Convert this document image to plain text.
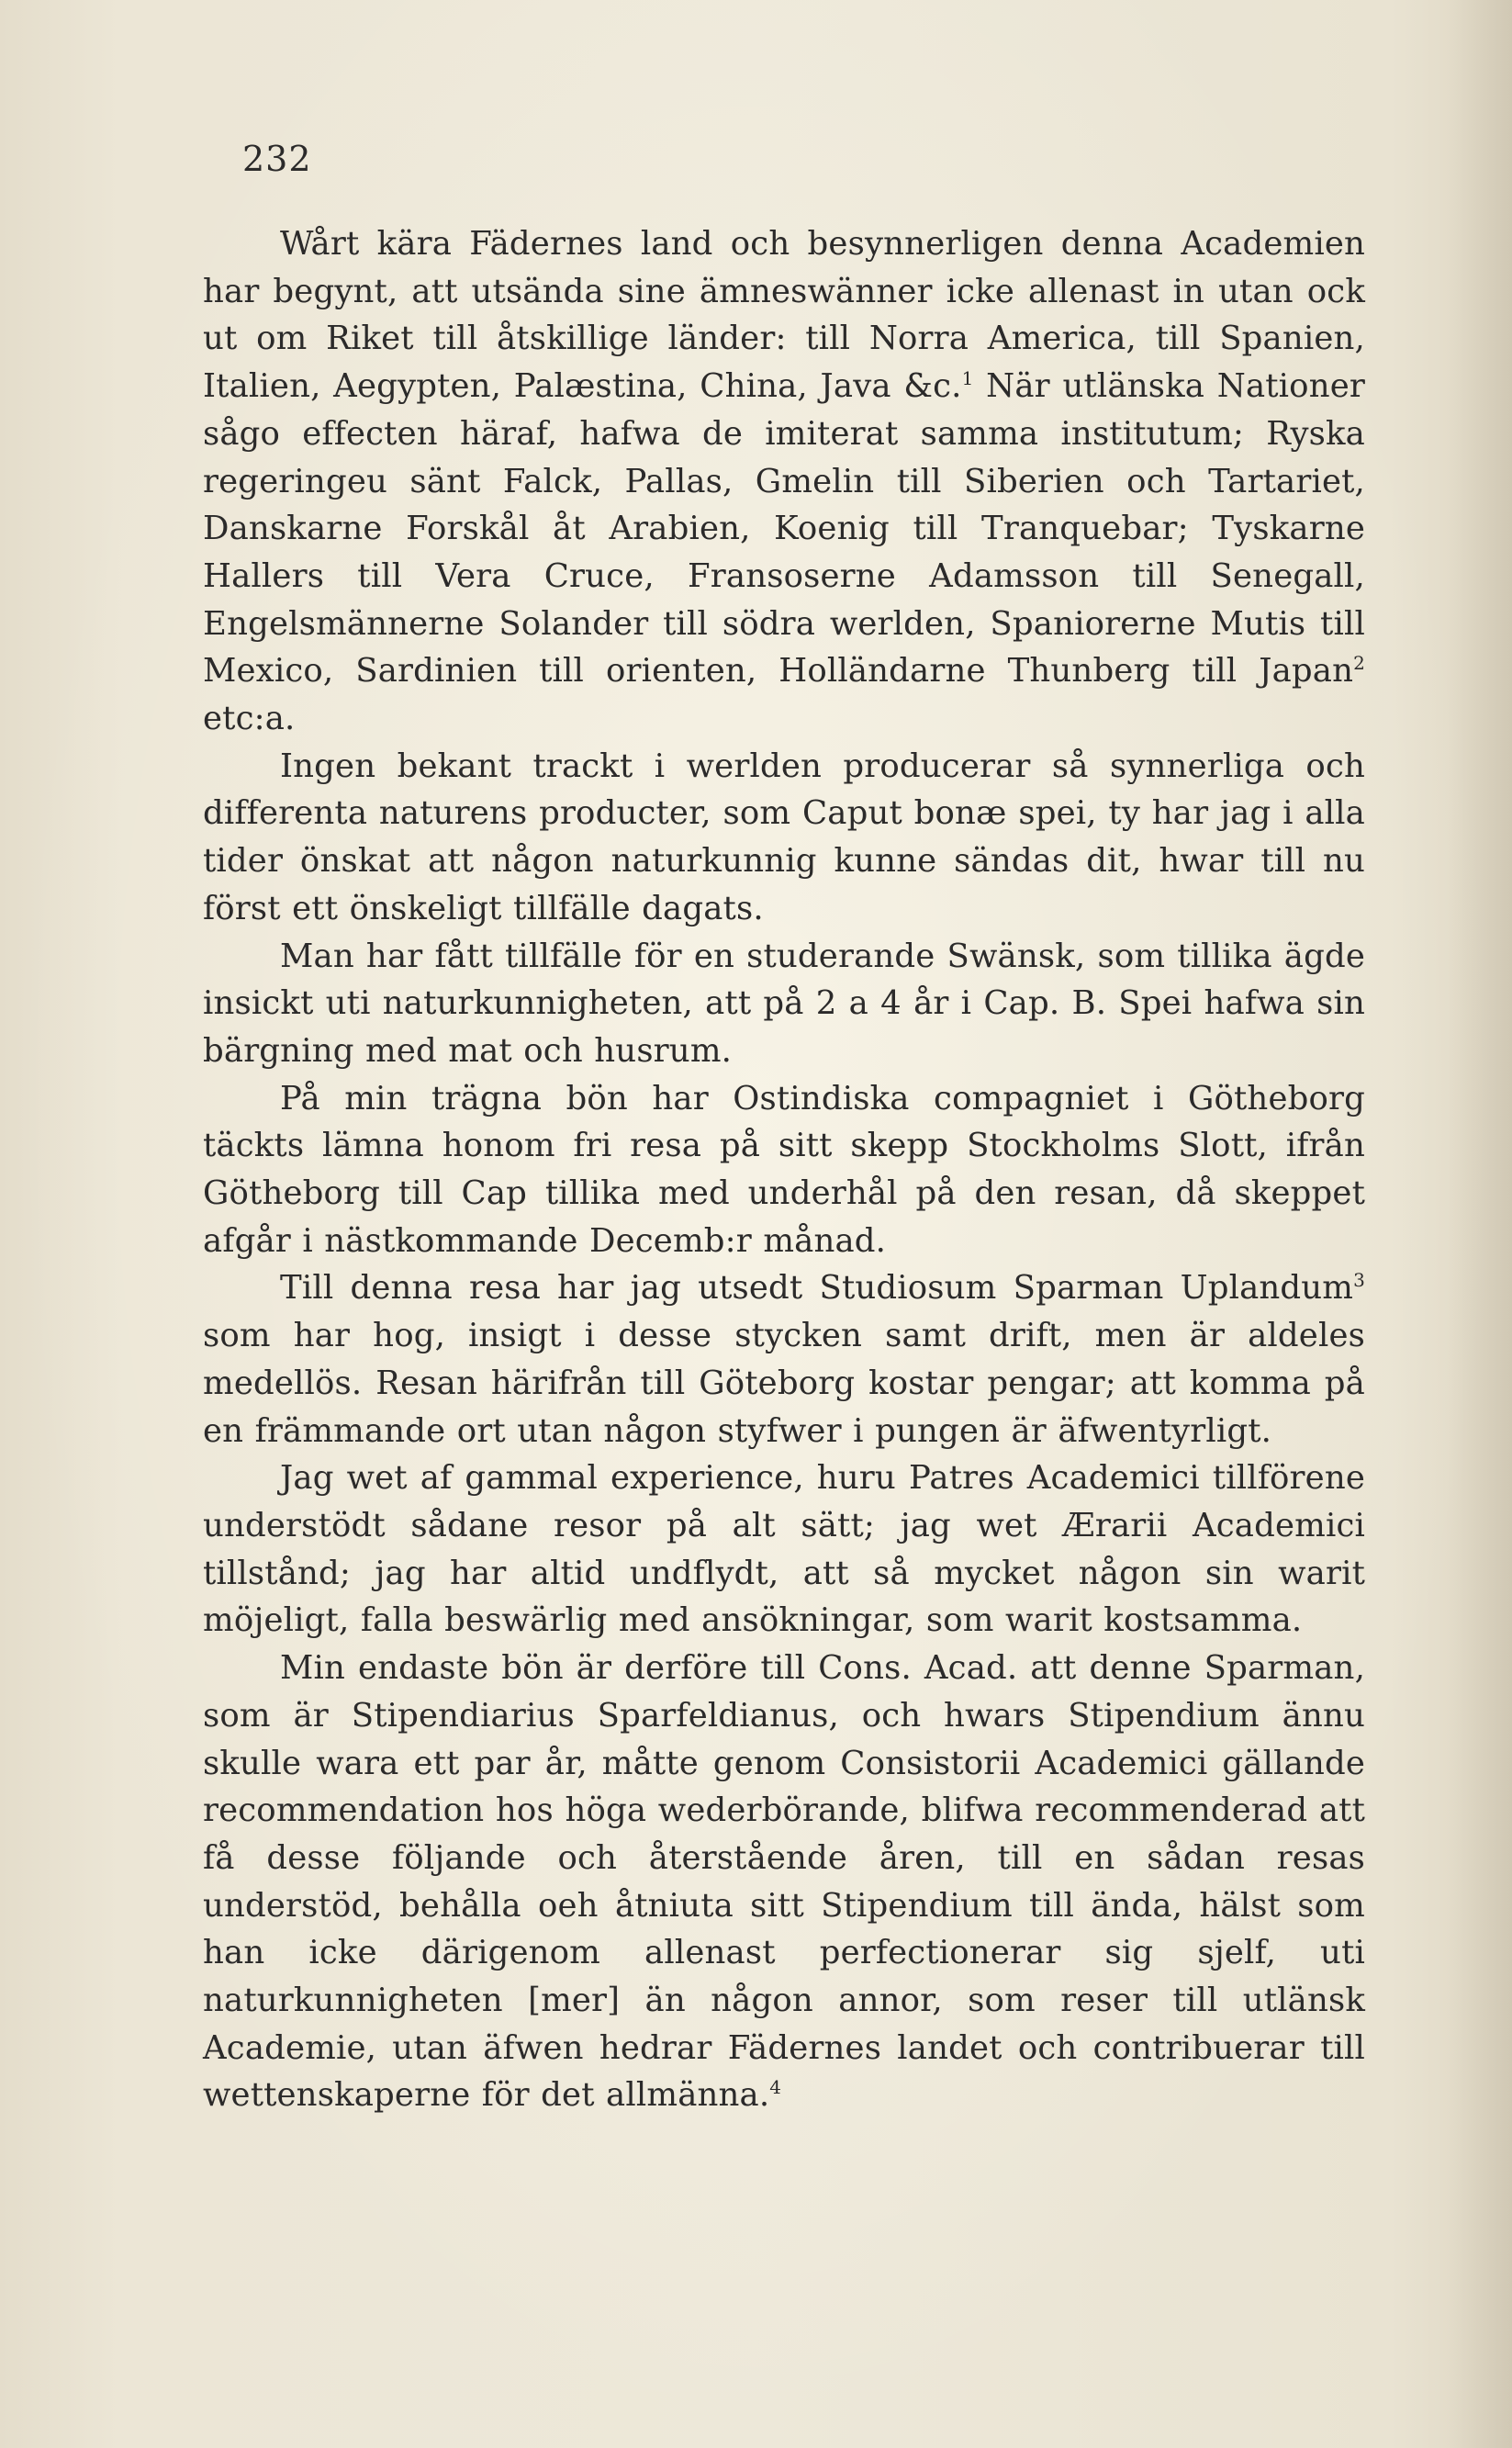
232

Wårt kära Fädernes land och besynnerligen denna Academien har begynt, att utsända sine ämneswänner icke allenast in utan ock ut om Riket till åtskillige länder: till Norra America, till Spanien, Italien, Aegypten, Palæstina, China, Java &c.$^1$ När utlänska Nationer sågo effecten häraf, hafwa de imiterat samma institutum; Ryska regeringeu sänt Falck, Pallas, Gmelin till Siberien och Tartariet, Danskarne Forskål åt Arabien, Koenig till Tranquebar; Tyskarne Hallers till Vera Cruce, Fransoserne Adamsson till Senegall, Engelsmännerne Solander till södra werlden, Spaniorerne Mutis till Mexico, Sardinien till orienten, Holländarne Thunberg till Japan$^2$ etc:a.

Ingen bekant trackt i werlden producerar så synnerliga och differenta naturens producter, som Caput bonæ spei, ty har jag i alla tider önskat att någon naturkunnig kunne sändas dit, hwar till nu först ett önskeligt tillfälle dagats.

Man har fått tillfälle för en studerande Swänsk, som tillika ägde insickt uti naturkunnigheten, att på 2 a 4 år i Cap. B. Spei hafwa sin bärgning med mat och husrum.

På min trägna bön har Ostindiska compagniet i Götheborg täckts lämna honom fri resa på sitt skepp Stockholms Slott, ifrån Götheborg till Cap tillika med underhål på den resan, då skeppet afgår i nästkommande Decemb:r månad.

Till denna resa har jag utsedt Studiosum Sparman Uplandum$^3$ som har hog, insigt i desse stycken samt drift, men är aldeles medellös. Resan härifrån till Göteborg kostar pengar; att komma på en främmande ort utan någon styfwer i pungen är äfwentyrligt.

Jag wet af gammal experience, huru Patres Academici tillförene understödt sådane resor på alt sätt; jag wet Ærarii Academici tillstånd; jag har altid undflydt, att så mycket någon sin warit möjeligt, falla beswärlig med ansökningar, som warit kostsamma.

Min endaste bön är derföre till Cons. Acad. att denne Sparman, som är Stipendiarius Sparfeldianus, och hwars Stipendium ännu skulle wara ett par år, måtte genom Consistorii Academici gällande recommendation hos höga wederbörande, blifwa recommenderad att få desse följande och återstående åren, till en sådan resas understöd, behålla oeh åtniuta sitt Stipendium till ända, hälst som han icke därigenom allenast perfectionerar sig sjelf, uti naturkunnigheten [mer] än någon annor, som reser till utlänsk Academie, utan äfwen hedrar Fädernes landet och contribuerar till wettenskaperne för det allmänna.$^4$
